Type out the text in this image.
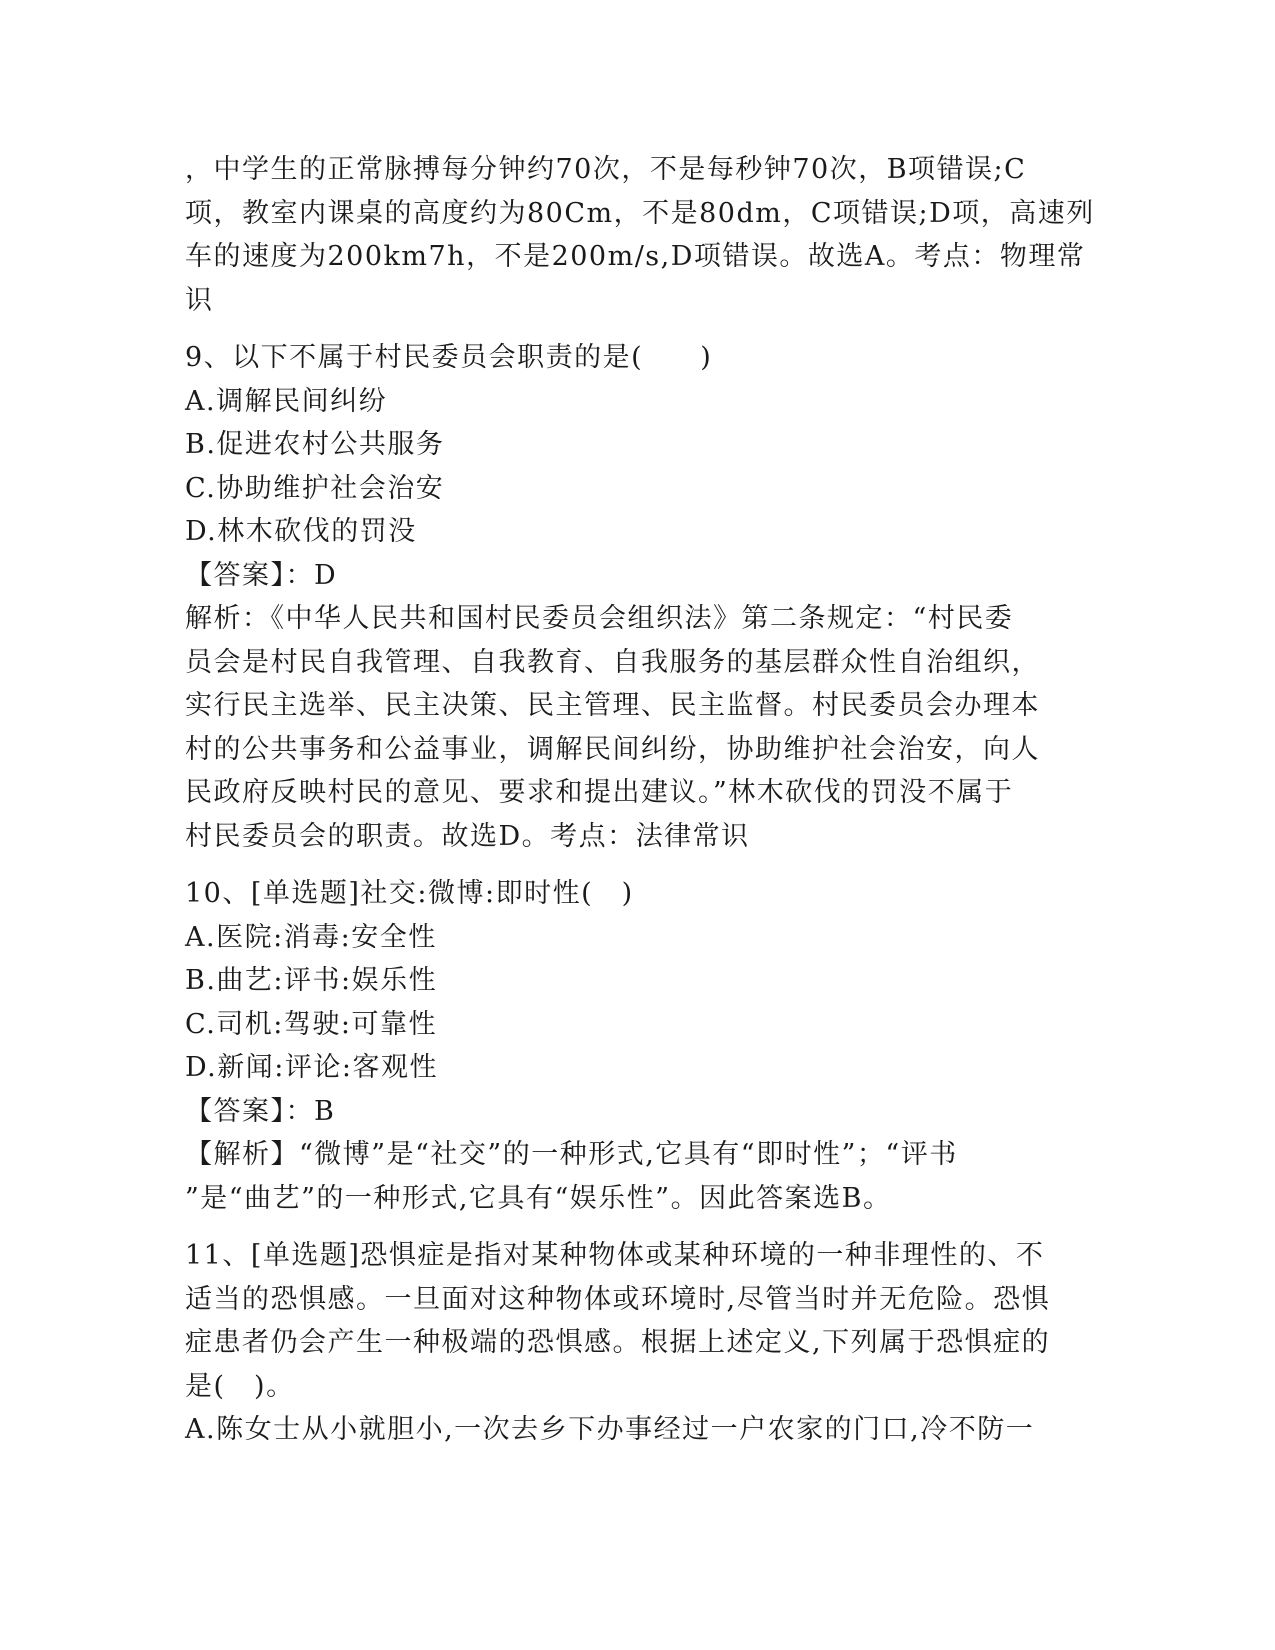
，中学生的正常脉搏每分钟约70次，不是每秒钟70次，B项错误;C
项，教室内课桌的高度约为80Cm，不是80dm，C项错误;D项，高速列
车的速度为200km7h，不是200m/s,D项错误。故选A。考点：物理常
识
9、以下不属于村民委员会职责的是(　　)
A.调解民间纠纷
B.促进农村公共服务
C.协助维护社会治安
D.林木砍伐的罚没
【答案】：D
解析：《中华人民共和国村民委员会组织法》第二条规定：“村民委
员会是村民自我管理、自我教育、自我服务的基层群众性自治组织，
实行民主选举、民主决策、民主管理、民主监督。村民委员会办理本
村的公共事务和公益事业，调解民间纠纷，协助维护社会治安，向人
民政府反映村民的意见、要求和提出建议。”林木砍伐的罚没不属于
村民委员会的职责。故选D。考点：法律常识
10、[单选题]社交:微博:即时性(　)
A.医院:消毒:安全性
B.曲艺:评书:娱乐性
C.司机:驾驶:可靠性
D.新闻:评论:客观性
【答案】：B
【解析】“微博”是“社交”的一种形式,它具有“即时性”；“评书
”是“曲艺”的一种形式,它具有“娱乐性”。因此答案选B。
11、[单选题]恐惧症是指对某种物体或某种环境的一种非理性的、不
适当的恐惧感。一旦面对这种物体或环境时,尽管当时并无危险。恐惧
症患者仍会产生一种极端的恐惧感。根据上述定义,下列属于恐惧症的
是(　)。
A.陈女士从小就胆小,一次去乡下办事经过一户农家的门口,冷不防一
